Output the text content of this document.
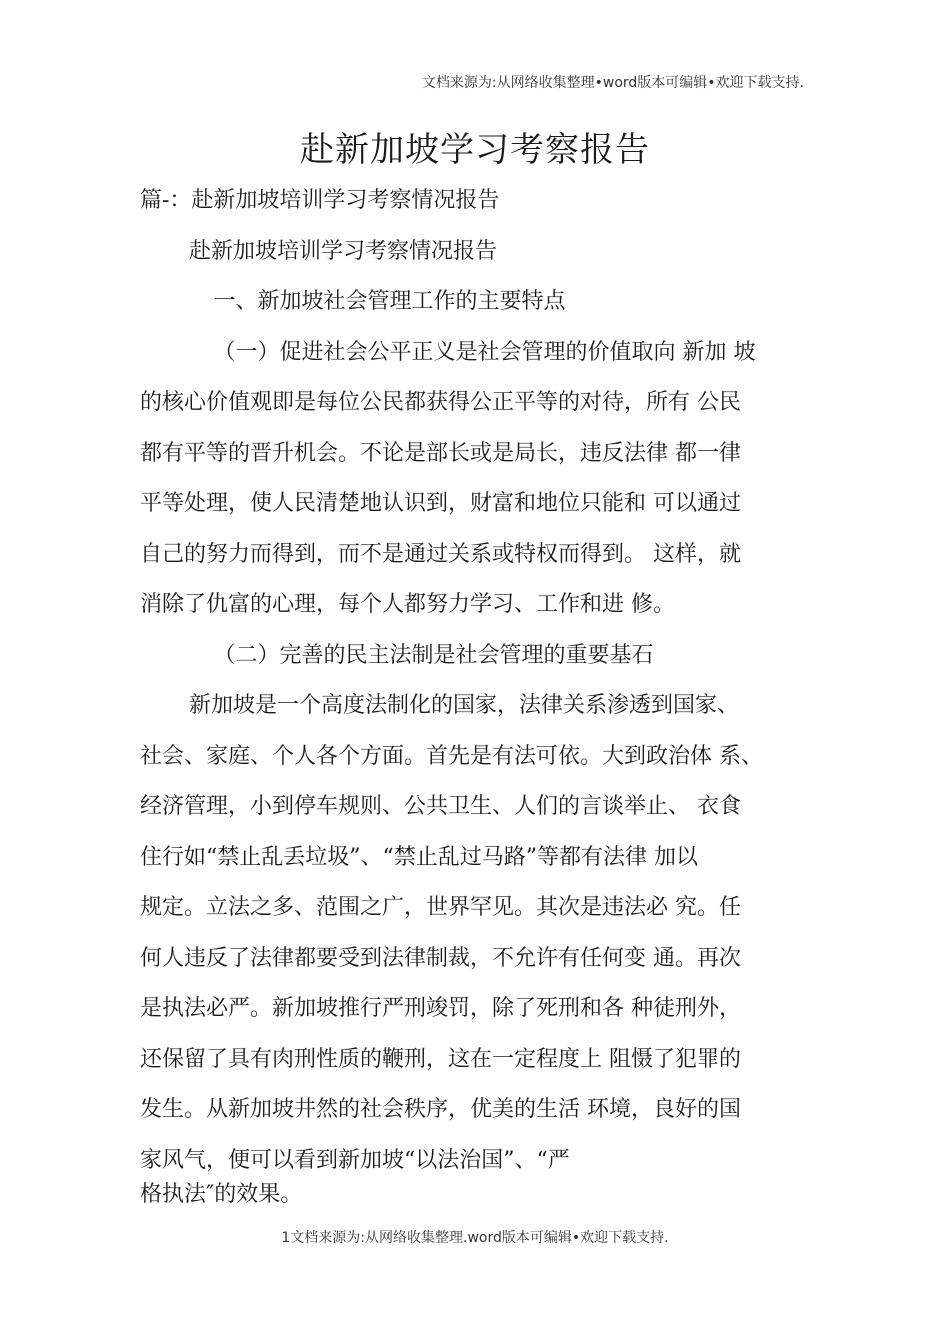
文档来源为:从网络收集整理•word版本可编辑•欢迎下载支持.
赴新加坡学习考察报告
篇-：赴新加坡培训学习考察情况报告
赴新加坡培训学习考察情况报告
一、新加坡社会管理工作的主要特点
（一）促进社会公平正义是社会管理的价值取向 新加 坡
的核心价值观即是每位公民都获得公正平等的对待，所有 公民
都有平等的晋升机会。不论是部长或是局长，违反法律 都一律
平等处理，使人民清楚地认识到，财富和地位只能和 可以通过
自己的努力而得到，而不是通过关系或特权而得到。 这样，就
消除了仇富的心理，每个人都努力学习、工作和进 修。
（二）完善的民主法制是社会管理的重要基石
新加坡是一个高度法制化的国家，法律关系渗透到国家、
社会、家庭、个人各个方面。首先是有法可依。大到政治体 系、
经济管理，小到停车规则、公共卫生、人们的言谈举止、 衣食
住行如“禁止乱丢垃圾”、“禁止乱过马路”等都有法律 加以
规定。立法之多、范围之广，世界罕见。其次是违法必 究。任
何人违反了法律都要受到法律制裁，不允许有任何变 通。再次
是执法必严。新加坡推行严刑竣罚，除了死刑和各 种徒刑外，
还保留了具有肉刑性质的鞭刑，这在一定程度上 阻慑了犯罪的
发生。从新加坡井然的社会秩序，优美的生活 环境，良好的国
家风气，便可以看到新加坡“以法治国”、“严
格执法″的效果。
1文档来源为:从网络收集整理.word版本可编辑•欢迎下载支持.
